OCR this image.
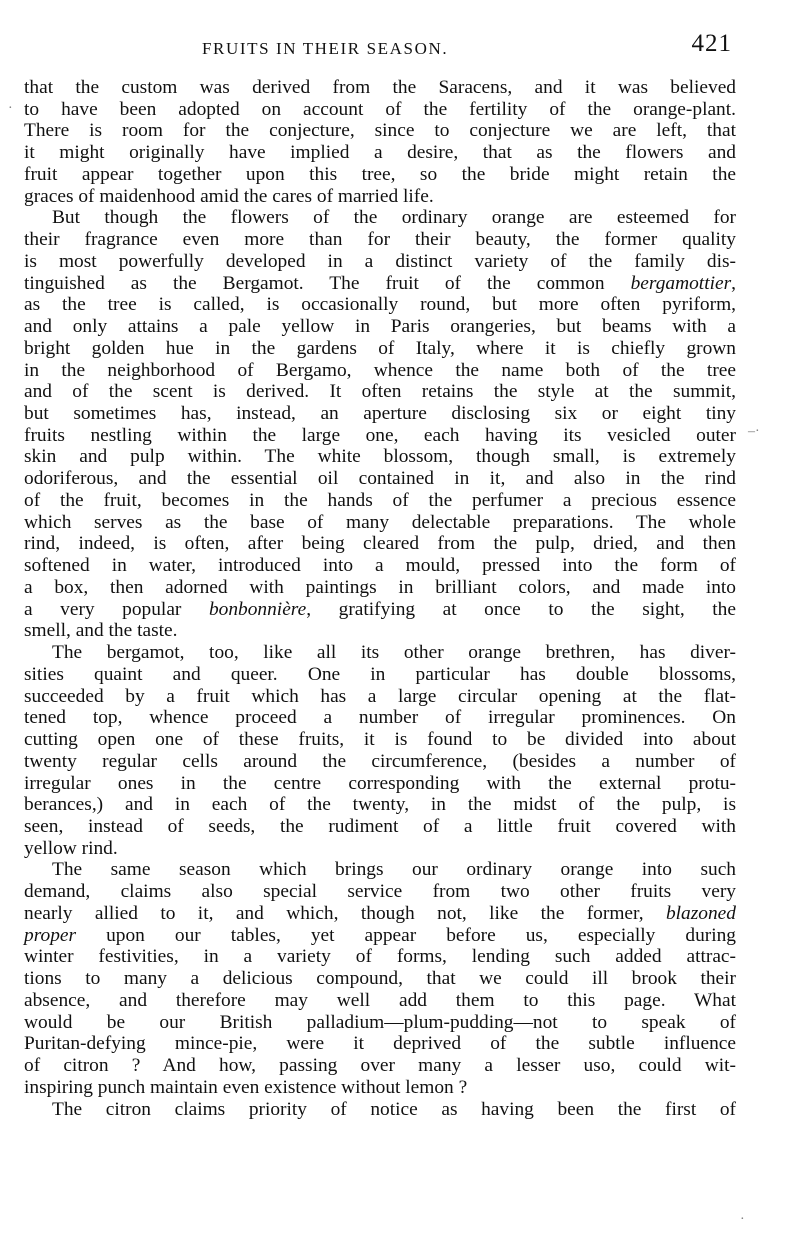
FRUITS IN THEIR SEASON.	421
that the custom was derived from the Saracens, and it was believed
to have been adopted on account of the fertility of the orange-plant.
There is room for the conjecture, since to conjecture we are left, that
it might originally have implied a desire, that as the flowers and
fruit appear together upon this tree, so the bride might retain the
graces of maidenhood amid the cares of married life.
But though the flowers of the ordinary orange are esteemed for
their fragrance even more than for their beauty, the former quality
is most powerfully developed in a distinct variety of the family dis-
tinguished as the Bergamot. The fruit of the common bergamottier,
as the tree is called, is occasionally round, but more often pyriform,
and only attains a pale yellow in Paris orangeries, but beams with a
bright golden hue in the gardens of Italy, where it is chiefly grown
in the neighborhood of Bergamo, whence the name both of the tree
and of the scent is derived. It often retains the style at the summit,
but sometimes has, instead, an aperture disclosing six or eight tiny
fruits nestling within the large one, each having its vesicled outer
skin and pulp within. The white blossom, though small, is extremely
odoriferous, and the essential oil contained in it, and also in the rind
of the fruit, becomes in the hands of the perfumer a precious essence
which serves as the base of many delectable preparations. The whole
rind, indeed, is often, after being cleared from the pulp, dried, and then
softened in water, introduced into a mould, pressed into the form of
a box, then adorned with paintings in brilliant colors, and made into
a very popular bonbonnière, gratifying at once to the sight, the
smell, and the taste.
The bergamot, too, like all its other orange brethren, has diver-
sities quaint and queer. One in particular has double blossoms,
succeeded by a fruit which has a large circular opening at the flat-
tened top, whence proceed a number of irregular prominences. On
cutting open one of these fruits, it is found to be divided into about
twenty regular cells around the circumference, (besides a number of
irregular ones in the centre corresponding with the external protu-
berances,) and in each of the twenty, in the midst of the pulp, is
seen, instead of seeds, the rudiment of a little fruit covered with
yellow rind.
The same season which brings our ordinary orange into such
demand, claims also special service from two other fruits very
nearly allied to it, and which, though not, like the former, blazoned
proper upon our tables, yet appear before us, especially during
winter festivities, in a variety of forms, lending such added attrac-
tions to many a delicious compound, that we could ill brook their
absence, and therefore may well add them to this page. What
would be our British palladium—plum-pudding—not to speak of
Puritan-defying mince-pie, were it deprived of the subtle influence
of citron ? And how, passing over many a lesser uso, could wit-
inspiring punch maintain even existence without lemon ?
The citron claims priority of notice as having been the first of
·
–·
·
